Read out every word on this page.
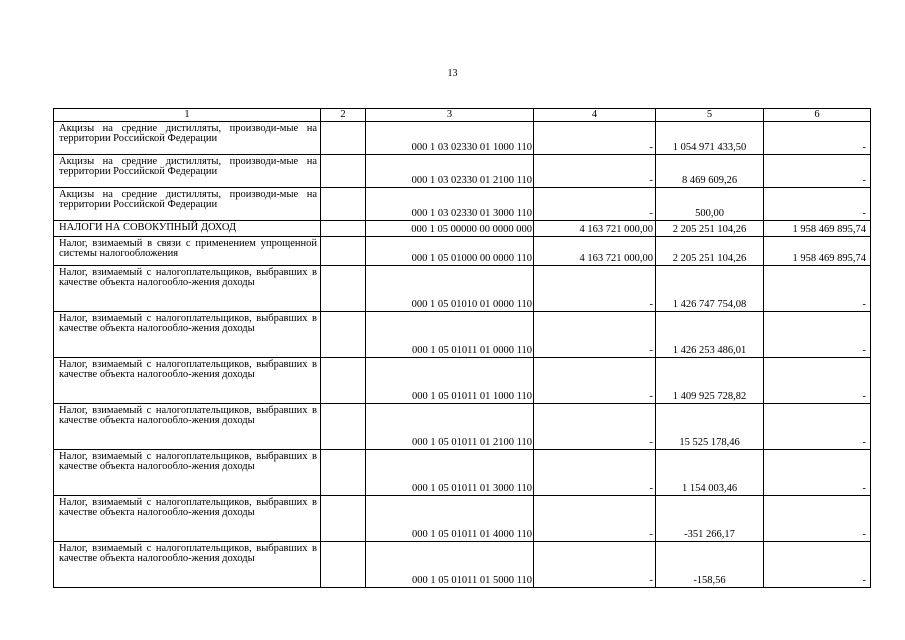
13
1	2	3	4	5	6
Акцизы на средние дистилляты, производи-мые на территории Российской Федерации		000 1 03 02330 01 1000 110	-	1 054 971 433,50	-
Акцизы на средние дистилляты, производи-мые на территории Российской Федерации		000 1 03 02330 01 2100 110	-	8 469 609,26	-
Акцизы на средние дистилляты, производи-мые на территории Российской Федерации		000 1 03 02330 01 3000 110	-	500,00	-
НАЛОГИ НА СОВОКУПНЫЙ ДОХОД		000 1 05 00000 00 0000 000	4 163 721 000,00	2 205 251 104,26	1 958 469 895,74
Налог, взимаемый в связи с применением упрощенной системы налогообложения		000 1 05 01000 00 0000 110	4 163 721 000,00	2 205 251 104,26	1 958 469 895,74
Налог, взимаемый с налогоплательщиков, выбравших в качестве объекта налогообло-жения доходы		000 1 05 01010 01 0000 110	-	1 426 747 754,08	-
Налог, взимаемый с налогоплательщиков, выбравших в качестве объекта налогообло-жения доходы		000 1 05 01011 01 0000 110	-	1 426 253 486,01	-
Налог, взимаемый с налогоплательщиков, выбравших в качестве объекта налогообло-жения доходы		000 1 05 01011 01 1000 110	-	1 409 925 728,82	-
Налог, взимаемый с налогоплательщиков, выбравших в качестве объекта налогообло-жения доходы		000 1 05 01011 01 2100 110	-	15 525 178,46	-
Налог, взимаемый с налогоплательщиков, выбравших в качестве объекта налогообло-жения доходы		000 1 05 01011 01 3000 110	-	1 154 003,46	-
Налог, взимаемый с налогоплательщиков, выбравших в качестве объекта налогообло-жения доходы		000 1 05 01011 01 4000 110	-	-351 266,17	-
Налог, взимаемый с налогоплательщиков, выбравших в качестве объекта налогообло-жения доходы		000 1 05 01011 01 5000 110	-	-158,56	-
